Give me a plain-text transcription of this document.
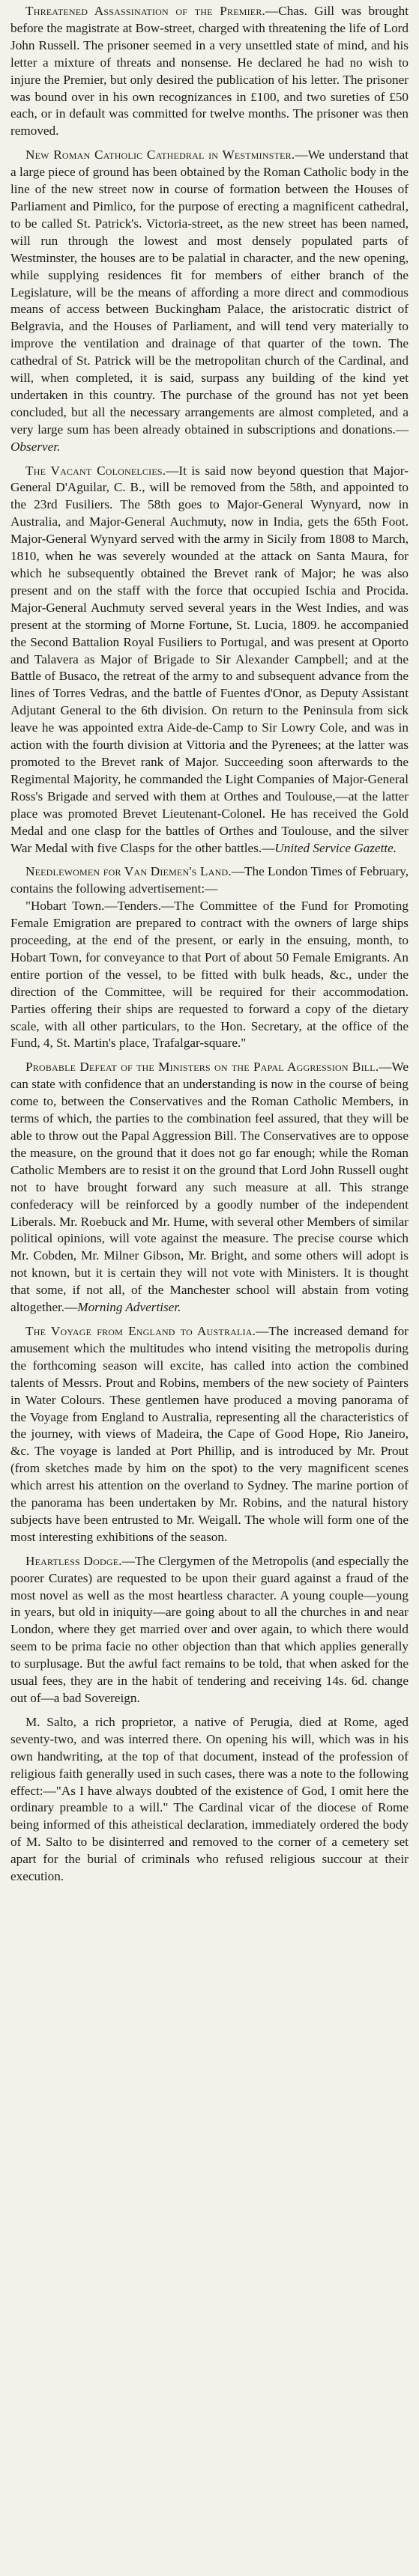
Threatened Assassination of the Premier.—Chas. Gill was brought before the magistrate at Bow-street, charged with threatening the life of Lord John Russell. The prisoner seemed in a very unsettled state of mind, and his letter a mixture of threats and nonsense. He declared he had no wish to injure the Premier, but only desired the publication of his letter. The prisoner was bound over in his own recognizances in £100, and two sureties of £50 each, or in default was committed for twelve months. The prisoner was then removed.

New Roman Catholic Cathedral in Westminster.—We understand that a large piece of ground has been obtained by the Roman Catholic body in the line of the new street now in course of formation between the Houses of Parliament and Pimlico, for the purpose of erecting a magnificent cathedral, to be called St. Patrick's. Victoria-street, as the new street has been named, will run through the lowest and most densely populated parts of Westminster, the houses are to be palatial in character, and the new opening, while supplying residences fit for members of either branch of the Legislature, will be the means of affording a more direct and commodious means of access between Buckingham Palace, the aristocratic district of Belgravia, and the Houses of Parliament, and will tend very materially to improve the ventilation and drainage of that quarter of the town. The cathedral of St. Patrick will be the metropolitan church of the Cardinal, and will, when completed, it is said, surpass any building of the kind yet undertaken in this country. The purchase of the ground has not yet been concluded, but all the necessary arrangements are almost completed, and a very large sum has been already obtained in subscriptions and donations.—Observer.

The Vacant Colonelcies.—It is said now beyond question that Major-General D'Aguilar, C. B., will be removed from the 58th, and appointed to the 23rd Fusiliers. The 58th goes to Major-General Wynyard, now in Australia, and Major-General Auchmuty, now in India, gets the 65th Foot. Major-General Wynyard served with the army in Sicily from 1808 to March, 1810, when he was severely wounded at the attack on Santa Maura, for which he subsequently obtained the Brevet rank of Major; he was also present and on the staff with the force that occupied Ischia and Procida. Major-General Auchmuty served several years in the West Indies, and was present at the storming of Morne Fortune, St. Lucia, 1809. he accompanied the Second Battalion Royal Fusiliers to Portugal, and was present at Oporto and Talavera as Major of Brigade to Sir Alexander Campbell; and at the Battle of Busaco, the retreat of the army to and subsequent advance from the lines of Torres Vedras, and the battle of Fuentes d'Onor, as Deputy Assistant Adjutant General to the 6th division. On return to the Peninsula from sick leave he was appointed extra Aide-de-Camp to Sir Lowry Cole, and was in action with the fourth division at Vittoria and the Pyrenees; at the latter was promoted to the Brevet rank of Major. Succeeding soon afterwards to the Regimental Majority, he commanded the Light Companies of Major-General Ross's Brigade and served with them at Orthes and Toulouse,—at the latter place was promoted Brevet Lieutenant-Colonel. He has received the Gold Medal and one clasp for the battles of Orthes and Toulouse, and the silver War Medal with five Clasps for the other battles.—United Service Gazette.

Needlewomen for Van Diemen's Land.—The London Times of February, contains the following advertisement:—

"Hobart Town.—Tenders.—The Committee of the Fund for Promoting Female Emigration are prepared to contract with the owners of large ships proceeding, at the end of the present, or early in the ensuing, month, to Hobart Town, for conveyance to that Port of about 50 Female Emigrants. An entire portion of the vessel, to be fitted with bulk heads, &c., under the direction of the Committee, will be required for their accommodation. Parties offering their ships are requested to forward a copy of the dietary scale, with all other particulars, to the Hon. Secretary, at the office of the Fund, 4, St. Martin's place, Trafalgar-square."

Probable Defeat of the Ministers on the Papal Aggression Bill.—We can state with confidence that an understanding is now in the course of being come to, between the Conservatives and the Roman Catholic Members, in terms of which, the parties to the combination feel assured, that they will be able to throw out the Papal Aggression Bill. The Conservatives are to oppose the measure, on the ground that it does not go far enough; while the Roman Catholic Members are to resist it on the ground that Lord John Russell ought not to have brought forward any such measure at all. This strange confederacy will be reinforced by a goodly number of the independent Liberals. Mr. Roebuck and Mr. Hume, with several other Members of similar political opinions, will vote against the measure. The precise course which Mr. Cobden, Mr. Milner Gibson, Mr. Bright, and some others will adopt is not known, but it is certain they will not vote with Ministers. It is thought that some, if not all, of the Manchester school will abstain from voting altogether.—Morning Advertiser.

The Voyage from England to Australia.—The increased demand for amusement which the multitudes who intend visiting the metropolis during the forthcoming season will excite, has called into action the combined talents of Messrs. Prout and Robins, members of the new society of Painters in Water Colours. These gentlemen have produced a moving panorama of the Voyage from England to Australia, representing all the characteristics of the journey, with views of Madeira, the Cape of Good Hope, Rio Janeiro, &c. The voyage is landed at Port Phillip, and is introduced by Mr. Prout (from sketches made by him on the spot) to the very magnificent scenes which arrest his attention on the overland to Sydney. The marine portion of the panorama has been undertaken by Mr. Robins, and the natural history subjects have been entrusted to Mr. Weigall. The whole will form one of the most interesting exhibitions of the season.

Heartless Dodge.—The Clergymen of the Metropolis (and especially the poorer Curates) are requested to be upon their guard against a fraud of the most novel as well as the most heartless character. A young couple—young in years, but old in iniquity—are going about to all the churches in and near London, where they get married over and over again, to which there would seem to be prima facie no other objection than that which applies generally to surplusage. But the awful fact remains to be told, that when asked for the usual fees, they are in the habit of tendering and receiving 14s. 6d. change out of—a bad Sovereign.

M. Salto, a rich proprietor, a native of Perugia, died at Rome, aged seventy-two, and was interred there. On opening his will, which was in his own handwriting, at the top of that document, instead of the profession of religious faith generally used in such cases, there was a note to the following effect:—"As I have always doubted of the existence of God, I omit here the ordinary preamble to a will." The Cardinal vicar of the diocese of Rome being informed of this atheistical declaration, immediately ordered the body of M. Salto to be disinterred and removed to the corner of a cemetery set apart for the burial of criminals who refused religious succour at their execution.
